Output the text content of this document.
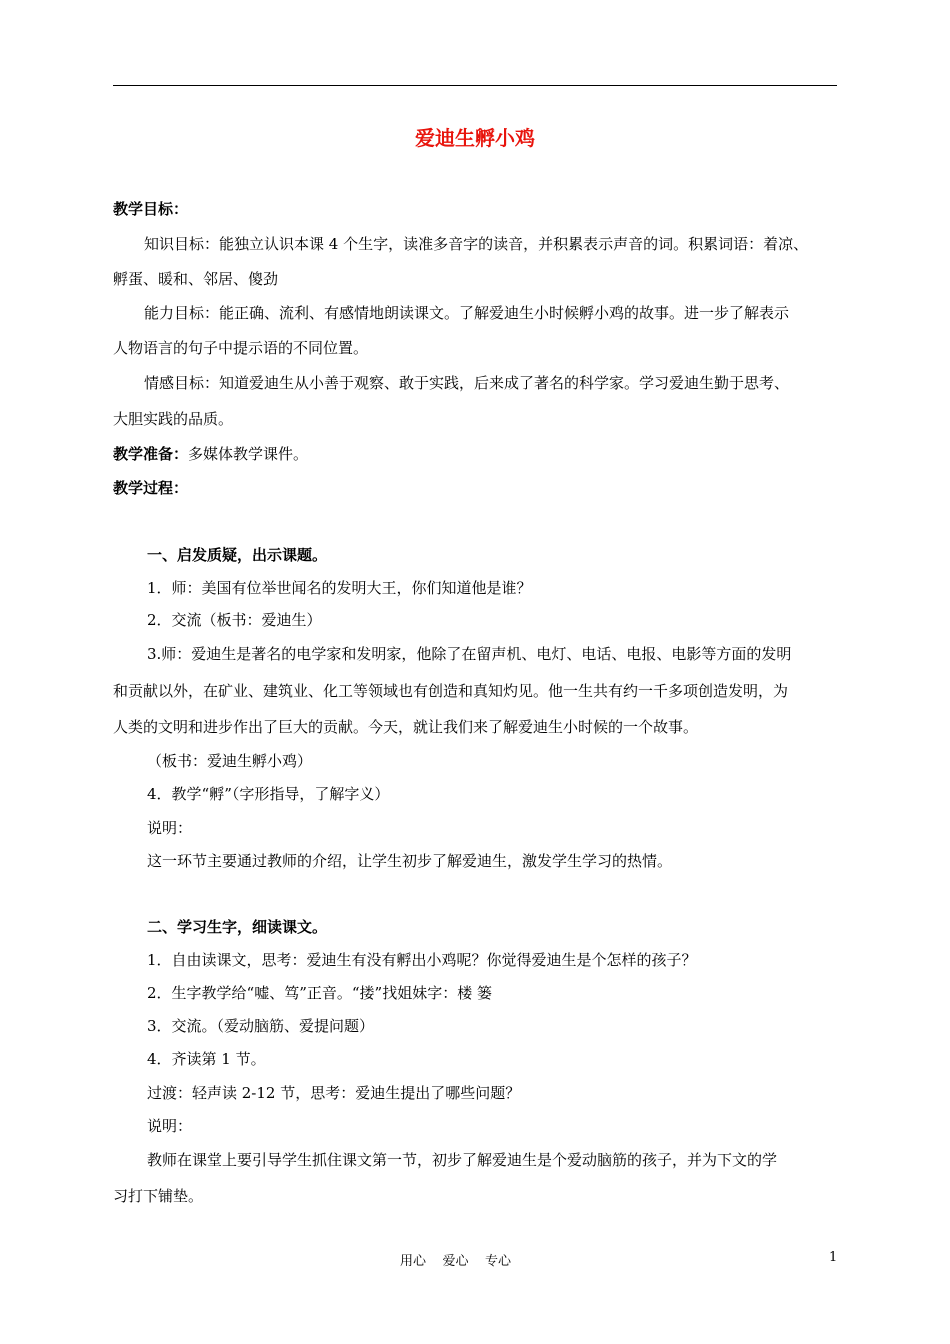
爱迪生孵小鸡
教学目标：
知识目标：能独立认识本课 4 个生字，读准多音字的读音，并积累表示声音的词。积累词语：着凉、
孵蛋、暖和、邻居、傻劲
能力目标：能正确、流利、有感情地朗读课文。了解爱迪生小时候孵小鸡的故事。进一步了解表示
人物语言的句子中提示语的不同位置。
情感目标：知道爱迪生从小善于观察、敢于实践，后来成了著名的科学家。学习爱迪生勤于思考、
大胆实践的品质。
教学准备：多媒体教学课件。
教学过程：
一、启发质疑，出示课题。
1．师：美国有位举世闻名的发明大王，你们知道他是谁？
2．交流（板书：爱迪生）
3.师：爱迪生是著名的电学家和发明家，他除了在留声机、电灯、电话、电报、电影等方面的发明
和贡献以外，在矿业、建筑业、化工等领域也有创造和真知灼见。他一生共有约一千多项创造发明，为
人类的文明和进步作出了巨大的贡献。今天，就让我们来了解爱迪生小时候的一个故事。
（板书：爱迪生孵小鸡）
4．教学“孵”（字形指导，了解字义）
说明：
这一环节主要通过教师的介绍，让学生初步了解爱迪生，激发学生学习的热情。
二、学习生字，细读课文。
1．自由读课文，思考：爱迪生有没有孵出小鸡呢？你觉得爱迪生是个怎样的孩子？
2．生字教学给“嘘、笃”正音。“搂”找姐妹字：楼 篓
3．交流。（爱动脑筋、爱提问题）
4．齐读第 1 节。
过渡：轻声读 2-12 节，思考：爱迪生提出了哪些问题？
说明：
教师在课堂上要引导学生抓住课文第一节，初步了解爱迪生是个爱动脑筋的孩子，并为下文的学
习打下铺垫。
用心    爱心    专心	1
